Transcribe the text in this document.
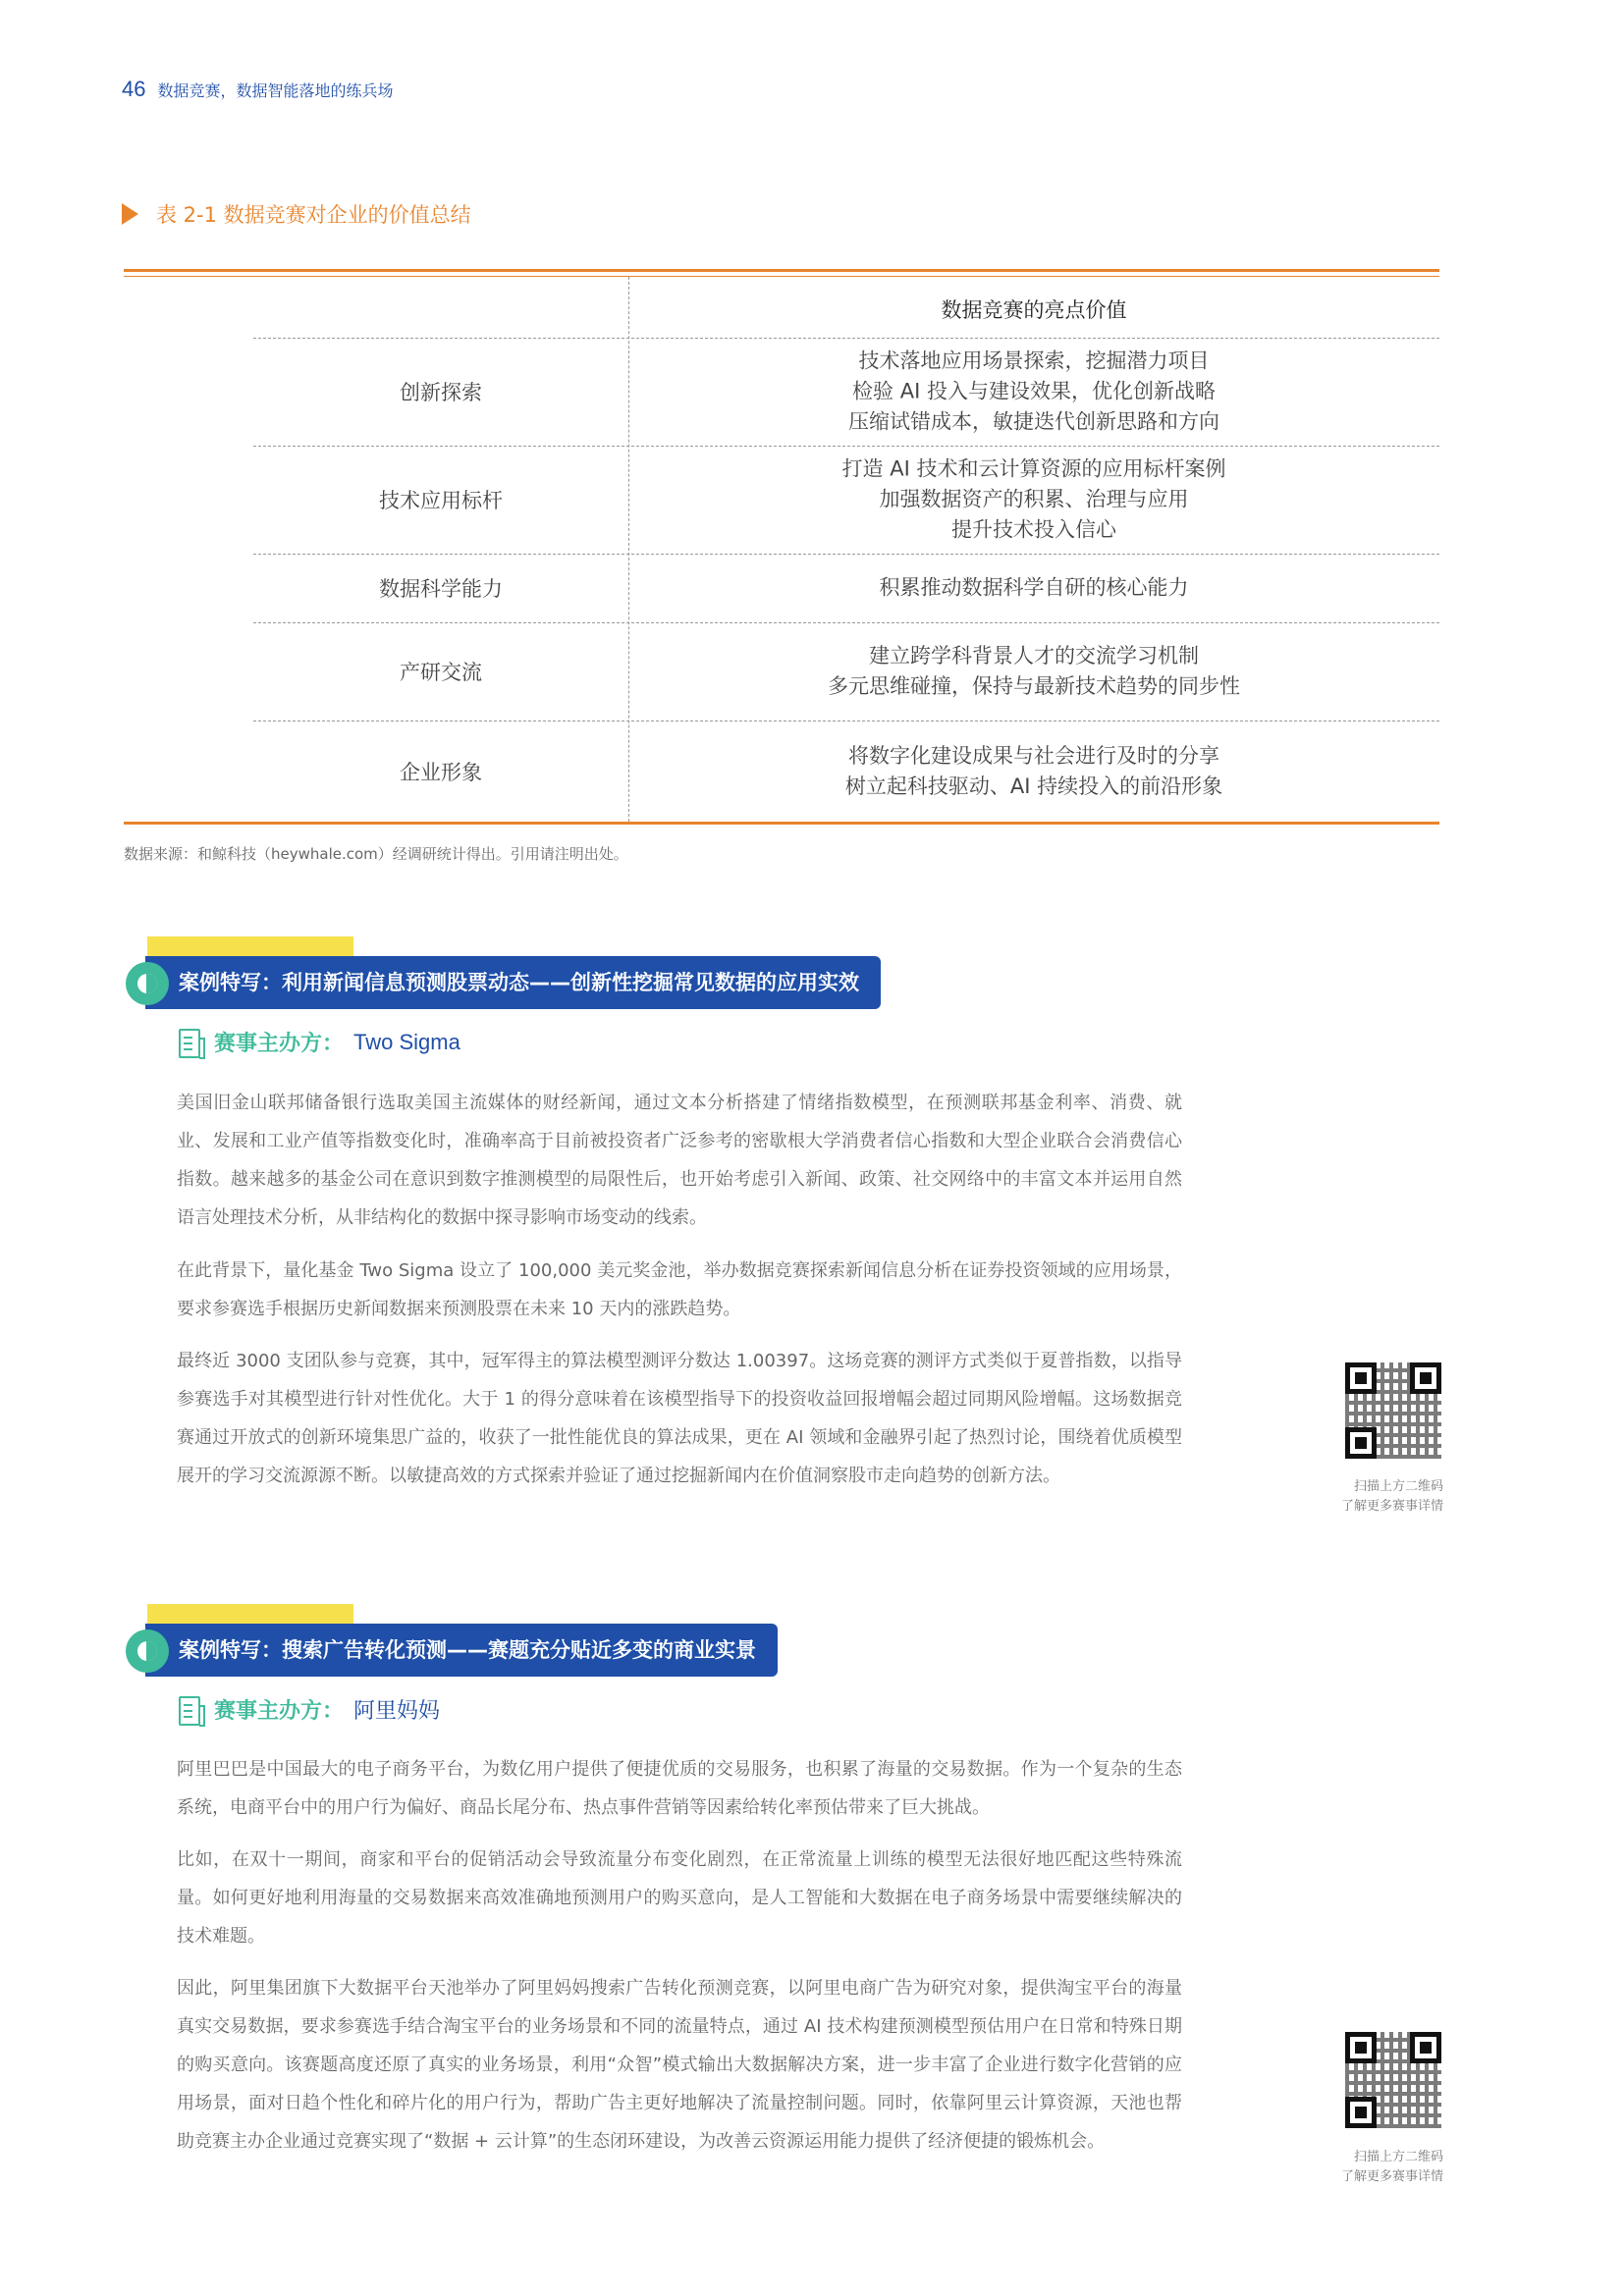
46 数据竞赛，数据智能落地的练兵场
表 2-1 数据竞赛对企业的价值总结
数据竞赛的亮点价值
创新探索
技术落地应用场景探索，挖掘潜力项目
检验 AI 投入与建设效果，优化创新战略
压缩试错成本，敏捷迭代创新思路和方向
技术应用标杆
打造 AI 技术和云计算资源的应用标杆案例
加强数据资产的积累、治理与应用
提升技术投入信心
数据科学能力	积累推动数据科学自研的核心能力
产研交流
建立跨学科背景人才的交流学习机制
多元思维碰撞，保持与最新技术趋势的同步性
企业形象
将数字化建设成果与社会进行及时的分享
树立起科技驱动、AI 持续投入的前沿形象
数据来源：和鲸科技（heywhale.com）经调研统计得出。引用请注明出处。
案例特写：利用新闻信息预测股票动态——创新性挖掘常见数据的应用实效
赛事主办方： Two Sigma
美国旧金山联邦储备银行选取美国主流媒体的财经新闻，通过文本分析搭建了情绪指数模型，在预测联邦基金利率、消费、就业、发展和工业产值等指数变化时，准确率高于目前被投资者广泛参考的密歇根大学消费者信心指数和大型企业联合会消费信心指数。越来越多的基金公司在意识到数字推测模型的局限性后，也开始考虑引入新闻、政策、社交网络中的丰富文本并运用自然语言处理技术分析，从非结构化的数据中探寻影响市场变动的线索。
在此背景下，量化基金 Two Sigma 设立了 100,000 美元奖金池，举办数据竞赛探索新闻信息分析在证券投资领域的应用场景，要求参赛选手根据历史新闻数据来预测股票在未来 10 天内的涨跌趋势。
最终近 3000 支团队参与竞赛，其中，冠军得主的算法模型测评分数达 1.00397。这场竞赛的测评方式类似于夏普指数，以指导参赛选手对其模型进行针对性优化。大于 1 的得分意味着在该模型指导下的投资收益回报增幅会超过同期风险增幅。这场数据竞赛通过开放式的创新环境集思广益的，收获了一批性能优良的算法成果，更在 AI 领域和金融界引起了热烈讨论，围绕着优质模型展开的学习交流源源不断。以敏捷高效的方式探索并验证了通过挖掘新闻内在价值洞察股市走向趋势的创新方法。
扫描上方二维码
了解更多赛事详情
案例特写：搜索广告转化预测——赛题充分贴近多变的商业实景
赛事主办方： 阿里妈妈
阿里巴巴是中国最大的电子商务平台，为数亿用户提供了便捷优质的交易服务，也积累了海量的交易数据。作为一个复杂的生态系统，电商平台中的用户行为偏好、商品长尾分布、热点事件营销等因素给转化率预估带来了巨大挑战。
比如，在双十一期间，商家和平台的促销活动会导致流量分布变化剧烈，在正常流量上训练的模型无法很好地匹配这些特殊流量。如何更好地利用海量的交易数据来高效准确地预测用户的购买意向，是人工智能和大数据在电子商务场景中需要继续解决的技术难题。
因此，阿里集团旗下大数据平台天池举办了阿里妈妈搜索广告转化预测竞赛，以阿里电商广告为研究对象，提供淘宝平台的海量真实交易数据，要求参赛选手结合淘宝平台的业务场景和不同的流量特点，通过 AI 技术构建预测模型预估用户在日常和特殊日期的购买意向。该赛题高度还原了真实的业务场景，利用“众智”模式输出大数据解决方案，进一步丰富了企业进行数字化营销的应用场景，面对日趋个性化和碎片化的用户行为，帮助广告主更好地解决了流量控制问题。同时，依靠阿里云计算资源，天池也帮助竞赛主办企业通过竞赛实现了“数据 + 云计算”的生态闭环建设，为改善云资源运用能力提供了经济便捷的锻炼机会。
扫描上方二维码
了解更多赛事详情
